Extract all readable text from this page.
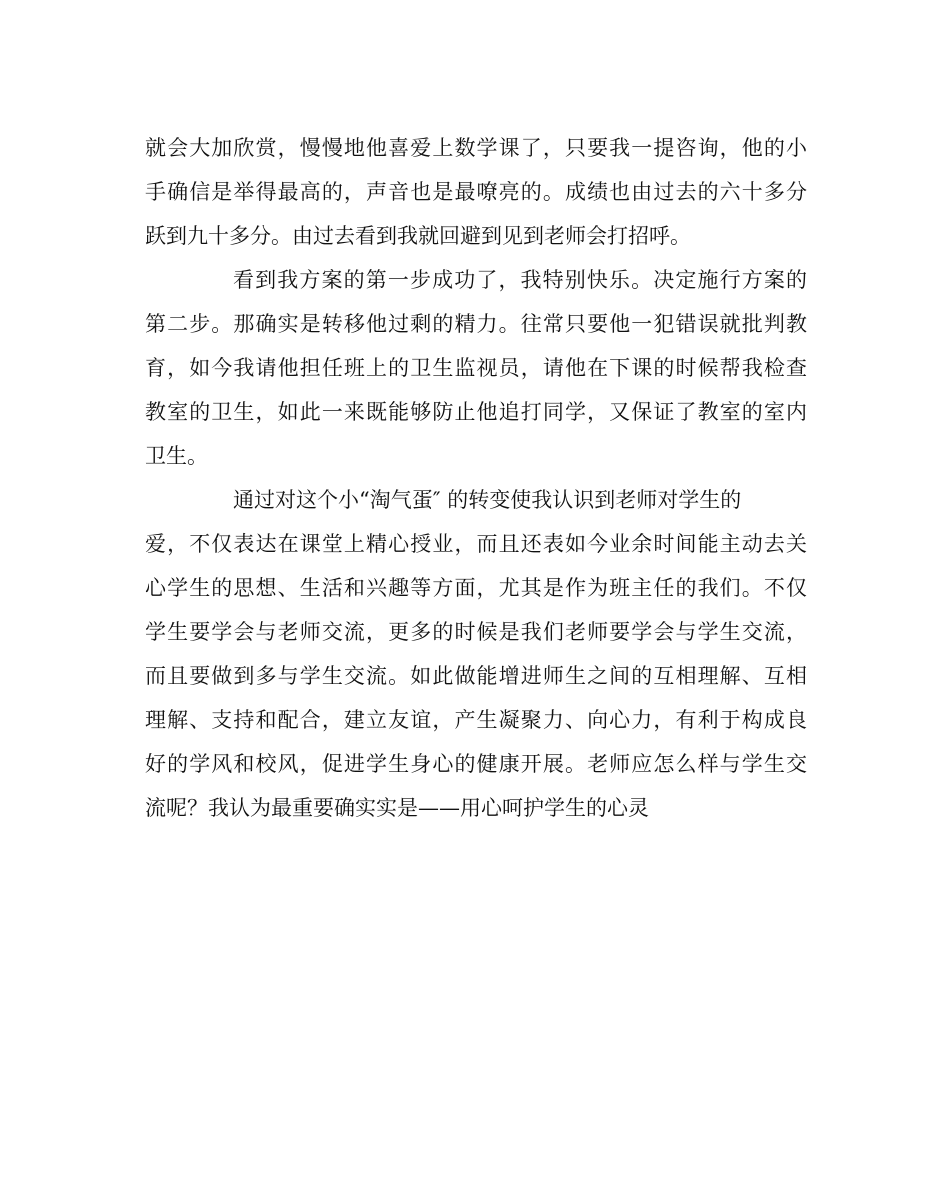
就会大加欣赏，慢慢地他喜爱上数学课了，只要我一提咨询，他的小
手确信是举得最高的，声音也是最嘹亮的。成绩也由过去的六十多分
跃到九十多分。由过去看到我就回避到见到老师会打招呼。
看到我方案的第一步成功了，我特别快乐。决定施行方案的
第二步。那确实是转移他过剩的精力。往常只要他一犯错误就批判教
育，如今我请他担任班上的卫生监视员，请他在下课的时候帮我检查
教室的卫生，如此一来既能够防止他追打同学，又保证了教室的室内
卫生。
通过对这个小“淘气蛋″ 的转变使我认识到老师对学生的
爱，不仅表达在课堂上精心授业，而且还表如今业余时间能主动去关
心学生的思想、生活和兴趣等方面，尤其是作为班主任的我们。不仅
学生要学会与老师交流，更多的时候是我们老师要学会与学生交流，
而且要做到多与学生交流。如此做能增进师生之间的互相理解、互相
理解、支持和配合，建立友谊，产生凝聚力、向心力，有利于构成良
好的学风和校风，促进学生身心的健康开展。老师应怎么样与学生交
流呢？我认为最重要确实实是——用心呵护学生的心灵
